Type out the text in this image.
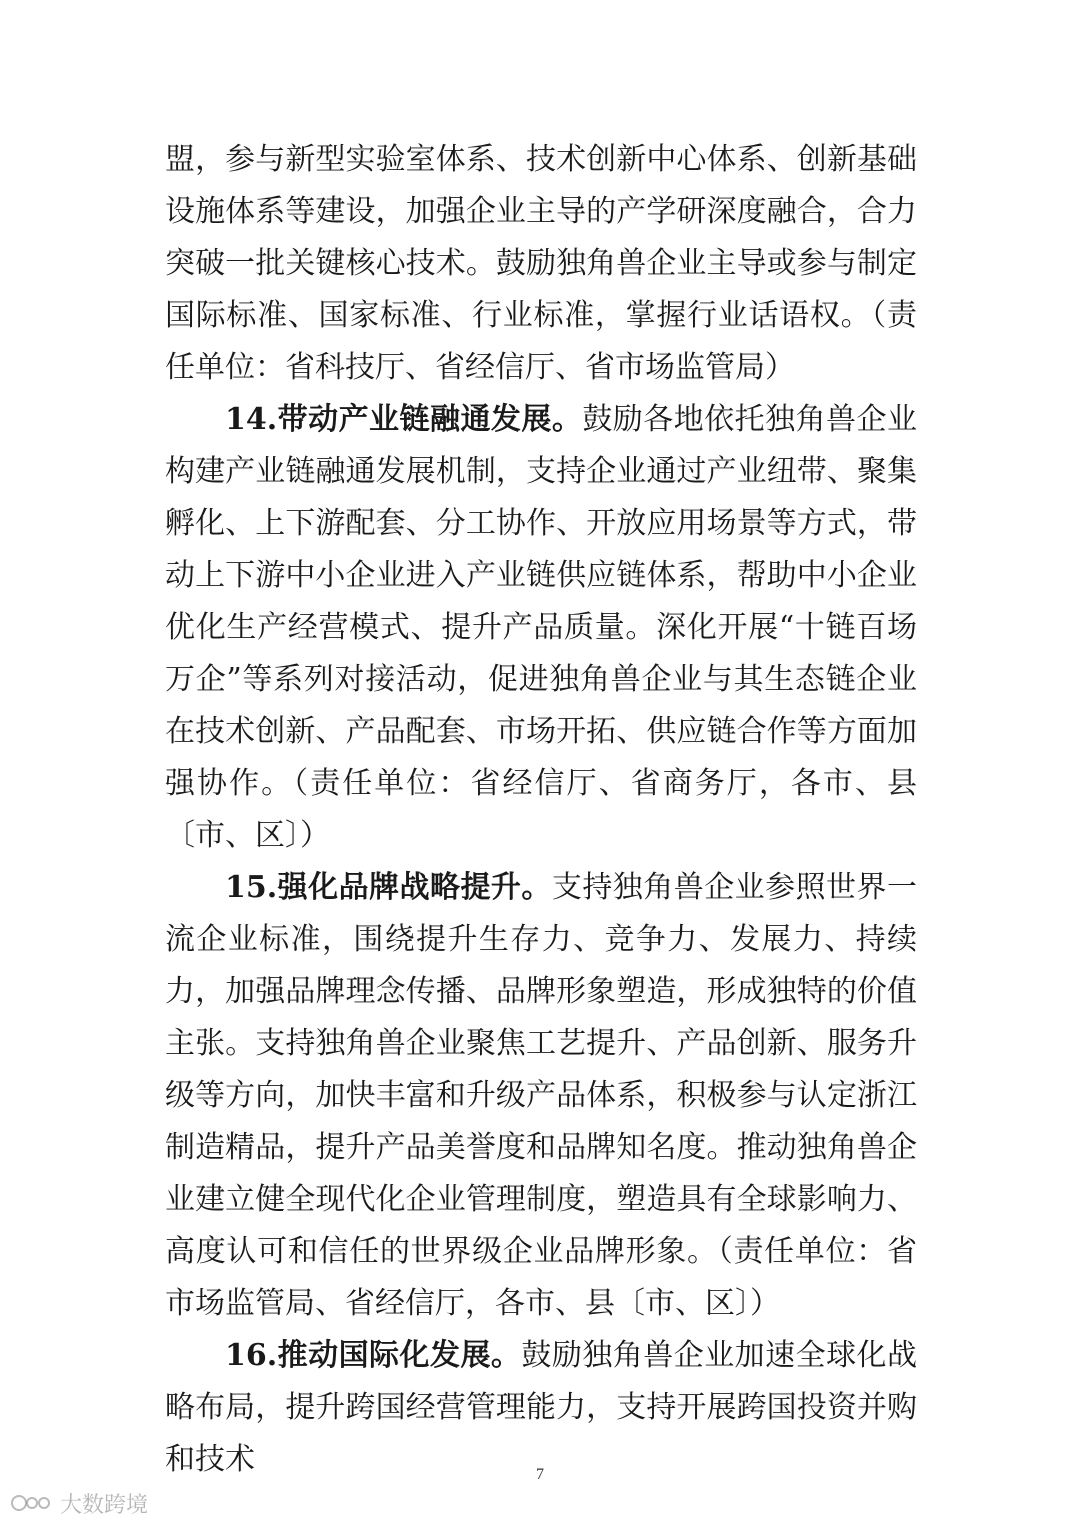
盟，参与新型实验室体系、技术创新中心体系、创新基础设施体系等建设，加强企业主导的产学研深度融合，合力突破一批关键核心技术。鼓励独角兽企业主导或参与制定国际标准、国家标准、行业标准，掌握行业话语权。（责任单位：省科技厅、省经信厅、省市场监管局）

14.带动产业链融通发展。鼓励各地依托独角兽企业构建产业链融通发展机制，支持企业通过产业纽带、聚集孵化、上下游配套、分工协作、开放应用场景等方式，带动上下游中小企业进入产业链供应链体系，帮助中小企业优化生产经营模式、提升产品质量。深化开展“十链百场万企”等系列对接活动，促进独角兽企业与其生态链企业在技术创新、产品配套、市场开拓、供应链合作等方面加强协作。（责任单位：省经信厅、省商务厅，各市、县〔市、区〕）

15.强化品牌战略提升。支持独角兽企业参照世界一流企业标准，围绕提升生存力、竞争力、发展力、持续力，加强品牌理念传播、品牌形象塑造，形成独特的价值主张。支持独角兽企业聚焦工艺提升、产品创新、服务升级等方向，加快丰富和升级产品体系，积极参与认定浙江制造精品，提升产品美誉度和品牌知名度。推动独角兽企业建立健全现代化企业管理制度，塑造具有全球影响力、高度认可和信任的世界级企业品牌形象。（责任单位：省市场监管局、省经信厅，各市、县〔市、区〕）

16.推动国际化发展。鼓励独角兽企业加速全球化战略布局，提升跨国经营管理能力，支持开展跨国投资并购和技术	7
大数跨境
